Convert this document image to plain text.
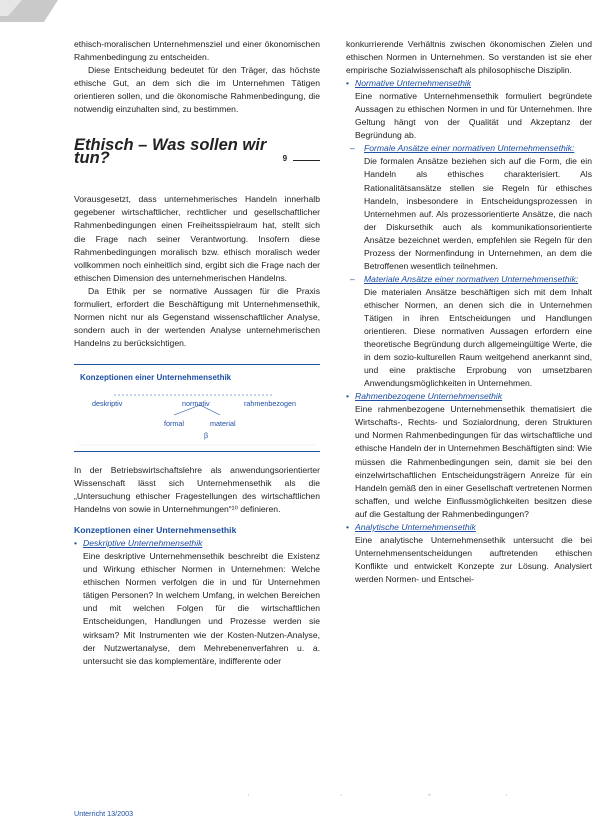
ethisch-moralischen Unternehmensziel und einer ökonomischen Rahmenbedingung zu entscheiden.

Diese Entscheidung bedeutet für den Träger, das höchste ethische Gut, an dem sich die im Unternehmen Tätigen orientieren sollen, und die ökonomische Rahmenbedingung, die notwendig einzuhalten sind, zu bestimmen.

Ethisch – Was sollen wir tun?	9

Vorausgesetzt, dass unternehmerisches Handeln innerhalb gegebener wirtschaftlicher, rechtlicher und gesellschaftlicher Rahmenbedingungen einen Freiheitsspielraum hat, stellt sich die Frage nach seiner Verantwortung. Insofern diese Rahmenbedingungen moralisch bzw. ethisch moralisch weder vollkommen noch einheitlich sind, ergibt sich die Frage nach der ethischen Dimension des unternehmerischen Handelns.

Da Ethik per se normative Aussagen für die Praxis formuliert, erfordert die Beschäftigung mit Unternehmensethik, Normen nicht nur als Gegenstand wissenschaftlicher Analyse, sondern auch in der wertenden Analyse unternehmerischen Handelns zu berücksichtigen.

Konzeptionen einer Unternehmensethik
deskriptiv	normativ	rahmenbezogen
formal	material
β

In der Betriebswirtschaftslehre als anwendungsorientierter Wissenschaft lässt sich Unternehmensethik als die „Untersuchung ethischer Fragestellungen des wirtschaftlichen Handelns von sowie in Unternehmungen“¹⁰ definieren.

Konzeptionen einer Unternehmensethik

• Deskriptive Unternehmensethik

Eine deskriptive Unternehmensethik beschreibt die Existenz und Wirkung ethischer Normen in Unternehmen: Welche ethischen Normen verfolgen die in und für Unternehmen tätigen Personen? In welchem Umfang, in welchen Bereichen und mit welchen Folgen für die wirtschaftlichen Entscheidungen, Handlungen und Prozesse werden sie wirksam? Mit Instrumenten wie der Kosten-Nutzen-Analyse, der Nutzwertanalyse, dem Mehrebenenverfahren u. a. untersucht sie das komplementäre, indifferente oder

konkurrierende Verhältnis zwischen ökonomischen Zielen und ethischen Normen in Unternehmen. So verstanden ist sie eher empirische Sozialwissenschaft als philosophische Disziplin.

• Normative Unternehmensethik

Eine normative Unternehmensethik formuliert begründete Aussagen zu ethischen Normen in und für Unternehmen. Ihre Geltung hängt von der Qualität und Akzeptanz der Begründung ab.

– Formale Ansätze einer normativen Unternehmensethik:

Die formalen Ansätze beziehen sich auf die Form, die ein Handeln als ethisches charakterisiert. Als Rationalitätsansätze stellen sie Regeln für ethisches Handeln, insbesondere in Entscheidungsprozessen in Unternehmen auf. Als prozessorientierte Ansätze, die nach der Diskursethik auch als kommunikationsorientierte Ansätze bezeichnet werden, empfehlen sie Regeln für den Prozess der Normenfindung in Unternehmen, an dem die Betroffenen wesentlich teilnehmen.

– Materiale Ansätze einer normativen Unternehmensethik:

Die materialen Ansätze beschäftigen sich mit dem Inhalt ethischer Normen, an denen sich die in Unternehmen Tätigen in ihren Entscheidungen und Handlungen orientieren. Diese normativen Aussagen erfordern eine theoretische Begründung durch allgemeingültige Werte, die in dem sozio-kulturellen Raum weitgehend anerkannt sind, und eine praktische Erprobung von umsetzbaren Anwendungsmöglichkeiten in Unternehmen.

• Rahmenbezogene Unternehmensethik

Eine rahmenbezogene Unternehmensethik thematisiert die Wirtschafts-, Rechts- und Sozialordnung, deren Strukturen und Normen Rahmenbedingungen für das wirtschaftliche und ethische Handeln der in Unternehmen Beschäftigten sind: Wie müssen die Rahmenbedingungen sein, damit sie bei den einzelwirtschaftlichen Entscheidungsträgern Anreize für ein Handeln gemäß den in einer Gesellschaft vertretenen Normen schaffen, und welche Einflussmöglichkeiten besitzen diese auf die Gestaltung der Rahmenbedingungen?

• Analytische Unternehmensethik

Eine analytische Unternehmensethik untersucht die bei Unternehmensentscheidungen auftretenden ethischen Konflikte und entwickelt Konzepte zur Lösung. Analysiert werden Normen- und Entschei-

·	·	◦	·
Unterricht 13/2003
